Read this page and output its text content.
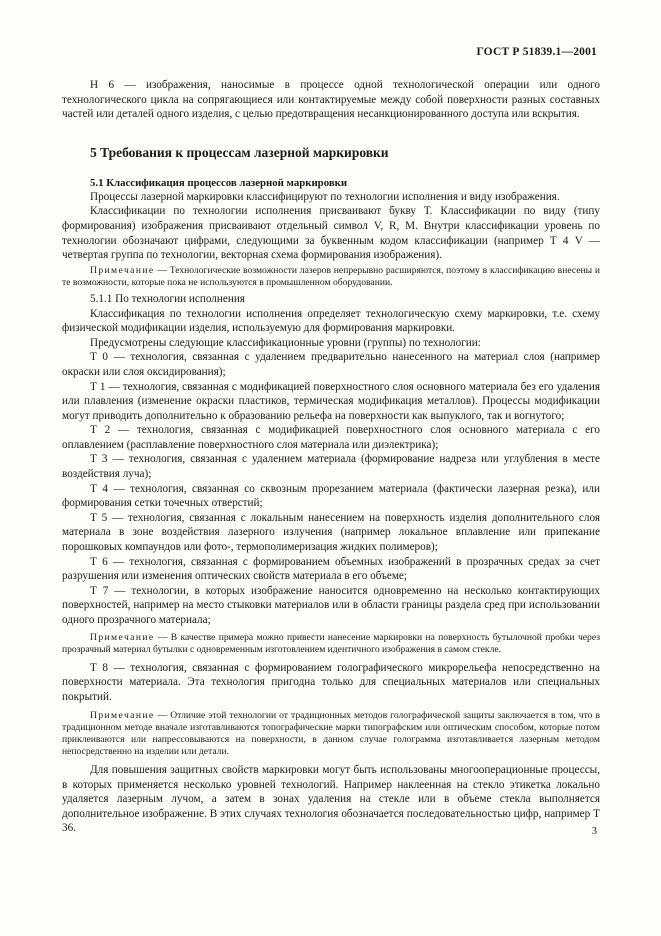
ГОСТ Р 51839.1—2001

Н 6 — изображения, наносимые в процессе одной технологической операции или одного технологического цикла на сопрягающиеся или контактируемые между собой поверхности разных составных частей или деталей одного изделия, с целью предотвращения несанкционированного доступа или вскрытия.

5 Требования к процессам лазерной маркировки

5.1 Классификация процессов лазерной маркировки

Процессы лазерной маркировки классифицируют по технологии исполнения и виду изображения.

Классификации по технологии исполнения присваивают букву Т. Классификации по виду (типу формирования) изображения присваивают отдельный символ V, R, М. Внутри классификации уровень по технологии обозначают цифрами, следующими за буквенным кодом классификации (например Т 4 V — четвертая группа по технологии, векторная схема формирования изображения).

Примечание — Технологические возможности лазеров непрерывно расширяются, поэтому в классификацию внесены и те возможности, которые пока не используются в промышленном оборудовании.

5.1.1 По технологии исполнения

Классификация по технологии исполнения определяет технологическую схему маркировки, т.е. схему физической модификации изделия, используемую для формирования маркировки.

Предусмотрены следующие классификационные уровни (группы) по технологии:

Т 0 — технология, связанная с удалением предварительно нанесенного на материал слоя (например окраски или слоя оксидирования);

Т 1 — технология, связанная с модификацией поверхностного слоя основного материала без его удаления или плавления (изменение окраски пластиков, термическая модификация металлов). Процессы модификации могут приводить дополнительно к образованию рельефа на поверхности как выпуклого, так и вогнутого;

Т 2 — технология, связанная с модификацией поверхностного слоя основного материала с его оплавлением (расплавление поверхностного слоя материала или диэлектрика);

Т 3 — технология, связанная с удалением материала (формирование надреза или углубления в месте воздействия луча);

Т 4 — технология, связанная со сквозным прорезанием материала (фактически лазерная резка), или формирования сетки точечных отверстий;

Т 5 — технология, связанная с локальным нанесением на поверхность изделия дополнительного слоя материала в зоне воздействия лазерного излучения (например локальное вплавление или припекание порошковых компаундов или фото-, термополимеризация жидких полимеров);

Т 6 — технология, связанная с формированием объемных изображений в прозрачных средах за счет разрушения или изменения оптических свойств материала в его объеме;

Т 7 — технологии, в которых изображение наносится одновременно на несколько контактирующих поверхностей, например на место стыковки материалов или в области границы раздела сред при использовании одного прозрачного материала;

Примечание — В качестве примера можно привести нанесение маркировки на поверхность бутылочной пробки через прозрачный материал бутылки с одновременным изготовлением идентичного изображения в самом стекле.

Т 8 — технология, связанная с формированием голографического микрорельефа непосредственно на поверхности материала. Эта технология пригодна только для специальных материалов или специальных покрытий.

Примечание — Отличие этой технологии от традиционных методов голографической защиты заключается в том, что в традиционном методе вначале изготавливаются топографические марки типографским или оптическим способом, которые потом приклеиваются или напрессовываются на поверхности, в данном случае голограмма изготавливается лазерным методом непосредственно на изделии или детали.

Для повышения защитных свойств маркировки могут быть использованы многооперационные процессы, в которых применяется несколько уровней технологий. Например наклеенная на стекло этикетка локально удаляется лазерным лучом, а затем в зонах удаления на стекле или в объеме стекла выполняется дополнительное изображение. В этих случаях технология обозначается последовательностью цифр, например Т 36.	3
